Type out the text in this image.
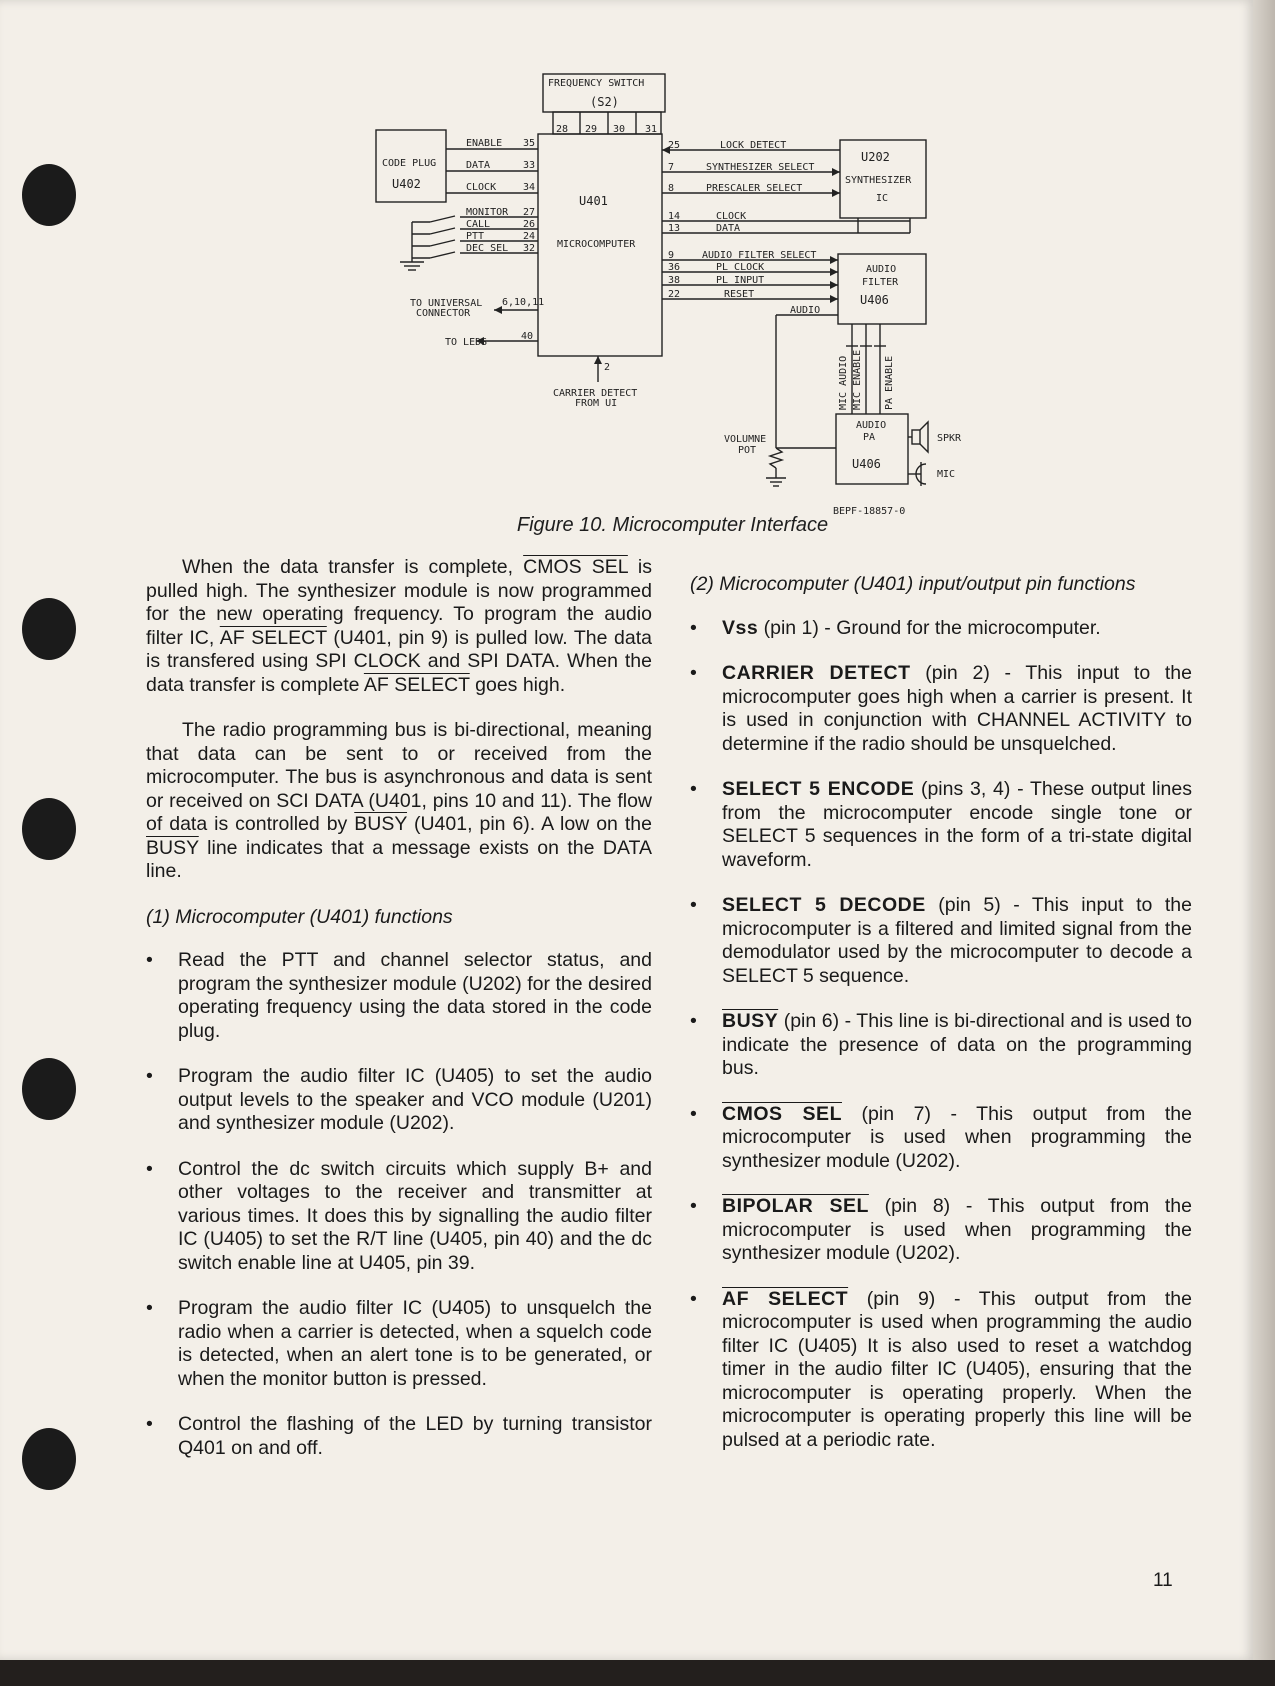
FREQUENCY SWITCH
(S2)
28 29 30 31
CODE PLUG
U402
ENABLE
DATA
CLOCK
35
33
34
MONITOR
CALL
PTT
DEC SEL
27
26
24
32
U401
MICROCOMPUTER
TO UNIVERSAL
CONNECTOR
6,10,11
TO LEDS
40
2
CARRIER DETECT
FROM UI
25
7
8
14
13
9
36
38
22
LOCK DETECT
SYNTHESIZER SELECT
PRESCALER SELECT
CLOCK
DATA
AUDIO FILTER SELECT
PL CLOCK
PL INPUT
RESET
AUDIO
U202
SYNTHESIZER
IC
AUDIO
FILTER
U406
MIC AUDIO MIC ENABLE PA ENABLE
AUDIO
PA
U406
VOLUMNE
POT
SPKR
MIC
BEPF-18857-0
Figure 10. Microcomputer Interface

When the data transfer is complete, CMOS SEL is pulled high. The synthesizer module is now programmed for the new operating frequency. To program the audio filter IC, AF SELECT (U401, pin 9) is pulled low. The data is transfered using SPI CLOCK and SPI DATA. When the data transfer is complete AF SELECT goes high.

The radio programming bus is bi-directional, meaning that data can be sent to or received from the microcomputer. The bus is asynchronous and data is sent or received on SCI DATA (U401, pins 10 and 11). The flow of data is controlled by BUSY (U401, pin 6). A low on the BUSY line indicates that a message exists on the DATA line.

(1) Microcomputer (U401) functions
• Read the PTT and channel selector status, and program the synthesizer module (U202) for the desired operating frequency using the data stored in the code plug.
• Program the audio filter IC (U405) to set the audio output levels to the speaker and VCO module (U201) and synthesizer module (U202).
• Control the dc switch circuits which supply B+ and other voltages to the receiver and transmitter at various times. It does this by signalling the audio filter IC (U405) to set the R/T line (U405, pin 40) and the dc switch enable line at U405, pin 39.
• Program the audio filter IC (U405) to unsquelch the radio when a carrier is detected, when a squelch code is detected, when an alert tone is to be generated, or when the monitor button is pressed.
• Control the flashing of the LED by turning transistor Q401 on and off.
(2) Microcomputer (U401) input/output pin functions
• Vss (pin 1) - Ground for the microcomputer.
• CARRIER DETECT (pin 2) - This input to the microcomputer goes high when a carrier is present. It is used in conjunction with CHANNEL ACTIVITY to determine if the radio should be unsquelched.
• SELECT 5 ENCODE (pins 3, 4) - These output lines from the microcomputer encode single tone or SELECT 5 sequences in the form of a tri-state digital waveform.
• SELECT 5 DECODE (pin 5) - This input to the microcomputer is a filtered and limited signal from the demodulator used by the microcomputer to decode a SELECT 5 sequence.
• BUSY (pin 6) - This line is bi-directional and is used to indicate the presence of data on the programming bus.
• CMOS SEL (pin 7) - This output from the microcomputer is used when programming the synthesizer module (U202).
• BIPOLAR SEL (pin 8) - This output from the microcomputer is used when programming the synthesizer module (U202).
• AF SELECT (pin 9) - This output from the microcomputer is used when programming the audio filter IC (U405) It is also used to reset a watchdog timer in the audio filter IC (U405), ensuring that the microcomputer is operating properly. When the microcomputer is operating properly this line will be pulsed at a periodic rate.
11
